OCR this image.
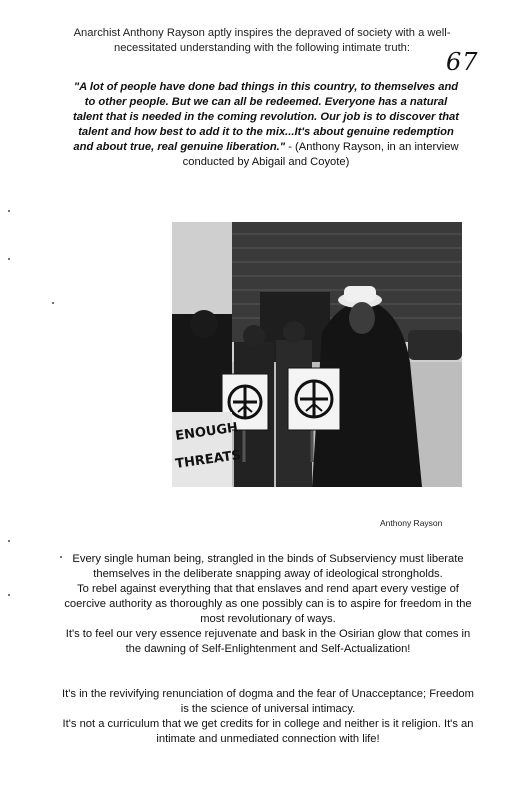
Anarchist Anthony Rayson aptly inspires the depraved of society with a well-necessitated understanding with the following intimate truth:	67
"A lot of people have done bad things in this country, to themselves and to other people. But we can all be redeemed. Everyone has a natural talent that is needed in the coming revolution. Our job is to discover that talent and how best to add it to the mix...It's about genuine redemption and about true, real genuine liberation." - (Anthony Rayson, in an interview conducted by Abigail and Coyote)
ENOUGH
THREATS
Anthony Rayson

Every single human being, strangled in the binds of Subserviency must liberate themselves in the deliberate snapping away of ideological strongholds.

To rebel against everything that that enslaves and rend apart every vestige of coercive authority as thoroughly as one possibly can is to aspire for freedom in the most revolutionary of ways.

It's to feel our very essence rejuvenate and bask in the Osirian glow that comes in the dawning of Self-Enlightenment and Self-Actualization!

It's in the revivifying renunciation of dogma and the fear of Unacceptance; Freedom is the science of universal intimacy.

It's not a curriculum that we get credits for in college and neither is it religion. It's an intimate and unmediated connection with life!
